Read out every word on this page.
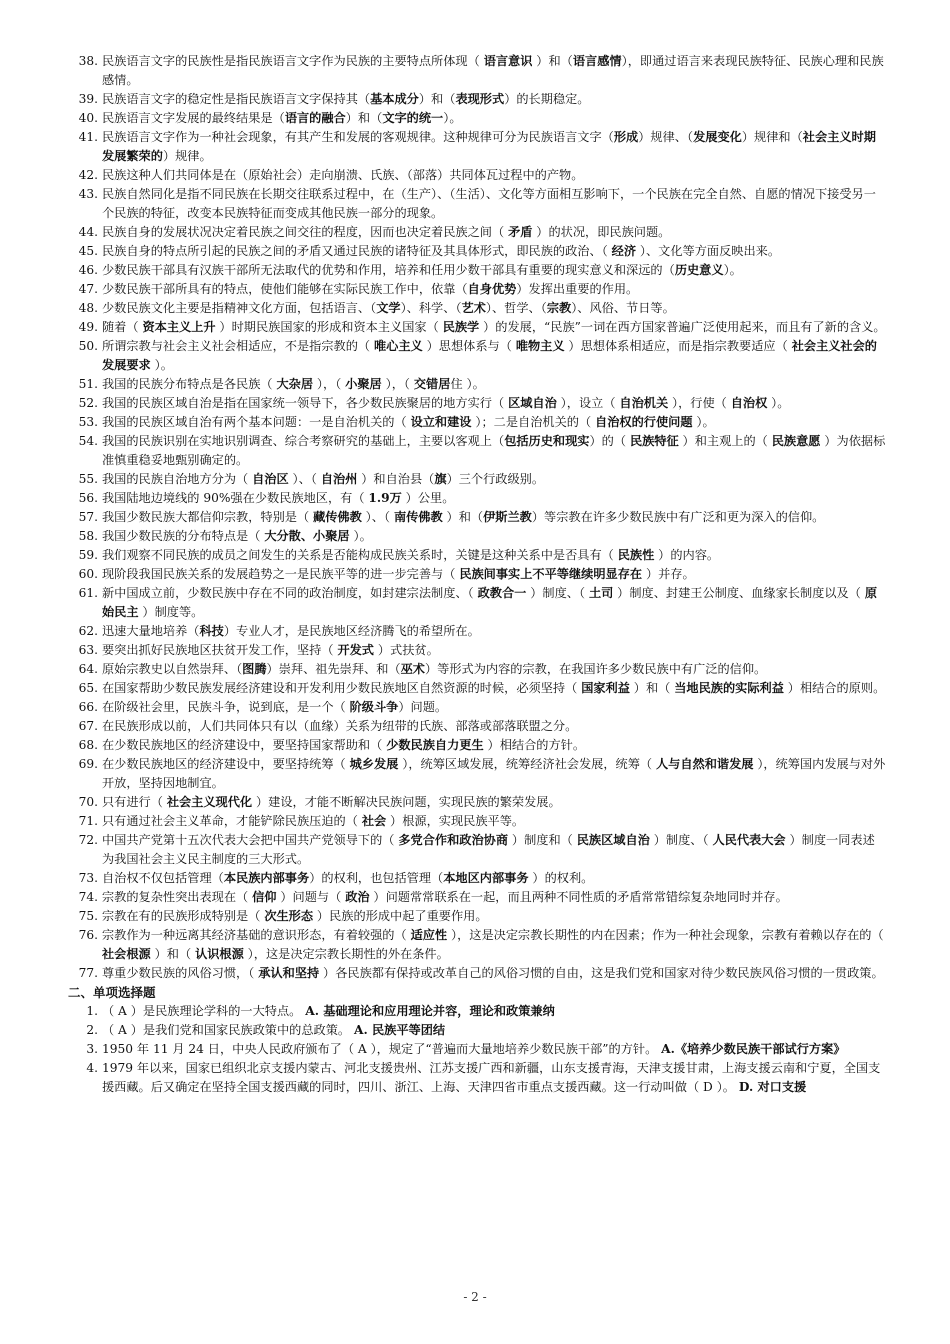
38. 民族语言文字的民族性是指民族语言文字作为民族的主要特点所体现（ 语言意识 ）和（语言感情），即通过语言来表现民族特征、民族心理和民族感情。
39. 民族语言文字的稳定性是指民族语言文字保持其（基本成分）和（表现形式）的长期稳定。
40. 民族语言文字发展的最终结果是（语言的融合）和（文字的统一）。
41. 民族语言文字作为一种社会现象，有其产生和发展的客观规律。这种规律可分为民族语言文字（形成）规律、（发展变化）规律和（社会主义时期发展繁荣的）规律。
42. 民族这种人们共同体是在（原始社会）走向崩溃、氏族、（部落）共同体瓦过程中的产物。
43. 民族自然同化是指不同民族在长期交往联系过程中，在（生产）、（生活）、文化等方面相互影响下，一个民族在完全自然、自愿的情况下接受另一个民族的特征，改变本民族特征而变成其他民族一部分的现象。
44. 民族自身的发展状况决定着民族之间交往的程度，因而也决定着民族之间（ 矛盾 ）的状况，即民族问题。
45. 民族自身的特点所引起的民族之间的矛盾又通过民族的诸特征及其具体形式，即民族的政治、（ 经济 ）、文化等方面反映出来。
46. 少数民族干部具有汉族干部所无法取代的优势和作用，培养和任用少数干部具有重要的现实意义和深远的（历史意义）。
47. 少数民族干部所具有的特点，使他们能够在实际民族工作中，依靠（自身优势）发挥出重要的作用。
48. 少数民族文化主要是指精神文化方面，包括语言、（文学）、科学、（艺术）、哲学、（宗教）、风俗、节日等。
49. 随着（ 资本主义上升 ）时期民族国家的形成和资本主义国家（ 民族学 ）的发展，“民族”一词在西方国家普遍广泛使用起来，而且有了新的含义。
50. 所谓宗教与社会主义社会相适应，不是指宗教的（ 唯心主义 ）思想体系与（ 唯物主义 ）思想体系相适应，而是指宗教要适应（ 社会主义社会的发展要求 ）。
51. 我国的民族分布特点是各民族（ 大杂居 ），（ 小聚居 ），（ 交错居住 ）。
52. 我国的民族区域自治是指在国家统一领导下，各少数民族聚居的地方实行（ 区域自治 ），设立（ 自治机关 ），行使（ 自治权 ）。
53. 我国的民族区域自治有两个基本问题：一是自治机关的（ 设立和建设 ）；二是自治机关的（ 自治权的行使问题 ）。
54. 我国的民族识别在实地识别调查、综合考察研究的基础上，主要以客观上（包括历史和现实）的（ 民族特征 ）和主观上的（ 民族意愿 ）为依据标准慎重稳妥地甄别确定的。
55. 我国的民族自治地方分为（ 自治区 ）、（ 自治州 ）和自治县（旗）三个行政级别。
56. 我国陆地边境线的 90%强在少数民族地区，有（ 1.9万 ）公里。
57. 我国少数民族大都信仰宗教，特别是（ 藏传佛教 ）、（ 南传佛教 ）和（伊斯兰教）等宗教在许多少数民族中有广泛和更为深入的信仰。
58. 我国少数民族的分布特点是（ 大分散、小聚居 ）。
59. 我们观察不同民族的成员之间发生的关系是否能构成民族关系时，关键是这种关系中是否具有（ 民族性 ）的内容。
60. 现阶段我国民族关系的发展趋势之一是民族平等的进一步完善与（ 民族间事实上不平等继续明显存在 ）并存。
61. 新中国成立前，少数民族中存在不同的政治制度，如封建宗法制度、（ 政教合一 ）制度、（ 土司 ）制度、封建王公制度、血缘家长制度以及（ 原始民主 ）制度等。
62. 迅速大量地培养（科技）专业人才，是民族地区经济腾飞的希望所在。
63. 要突出抓好民族地区扶贫开发工作，坚持（ 开发式 ）式扶贫。
64. 原始宗教史以自然崇拜、（图腾）崇拜、祖先崇拜、和（巫术）等形式为内容的宗教，在我国许多少数民族中有广泛的信仰。
65. 在国家帮助少数民族发展经济建设和开发利用少数民族地区自然资源的时候，必须坚持（ 国家利益 ）和（ 当地民族的实际利益 ）相结合的原则。
66. 在阶级社会里，民族斗争，说到底，是一个（ 阶级斗争）问题。
67. 在民族形成以前，人们共同体只有以（血缘）关系为纽带的氏族、部落或部落联盟之分。
68. 在少数民族地区的经济建设中，要坚持国家帮助和（ 少数民族自力更生 ）相结合的方针。
69. 在少数民族地区的经济建设中，要坚持统筹（ 城乡发展 ），统筹区域发展，统筹经济社会发展，统筹（ 人与自然和谐发展 ），统筹国内发展与对外开放，坚持因地制宜。
70. 只有进行（ 社会主义现代化 ）建设，才能不断解决民族问题，实现民族的繁荣发展。
71. 只有通过社会主义革命，才能铲除民族压迫的（ 社会 ）根源，实现民族平等。
72. 中国共产党第十五次代表大会把中国共产党领导下的（ 多党合作和政治协商 ）制度和（ 民族区域自治 ）制度、（ 人民代表大会 ）制度一同表述为我国社会主义民主制度的三大形式。
73. 自治权不仅包括管理（本民族内部事务）的权利，也包括管理（本地区内部事务 ）的权利。
74. 宗教的复杂性突出表现在（ 信仰 ）问题与（ 政治 ）问题常常联系在一起，而且两种不同性质的矛盾常常错综复杂地同时并存。
75. 宗教在有的民族形成特别是（ 次生形态 ）民族的形成中起了重要作用。
76. 宗教作为一种远离其经济基础的意识形态，有着较强的（ 适应性 ），这是决定宗教长期性的内在因素；作为一种社会现象，宗教有着赖以存在的（ 社会根源 ）和（ 认识根源 ），这是决定宗教长期性的外在条件。
77. 尊重少数民族的风俗习惯，（ 承认和坚持 ）各民族都有保持或改革自己的风俗习惯的自由，这是我们党和国家对待少数民族风俗习惯的一贯政策。
二、单项选择题
1. （ A ）是民族理论学科的一大特点。 A. 基础理论和应用理论并容，理论和政策兼纳
2. （ A ）是我们党和国家民族政策中的总政策。 A. 民族平等团结
3. 1950 年 11 月 24 日，中央人民政府颁布了（ A ），规定了“普遍而大量地培养少数民族干部”的方针。 A.《培养少数民族干部试行方案》
4. 1979 年以来，国家已组织北京支援内蒙古、河北支援贵州、江苏支援广西和新疆，山东支援青海，天津支援甘肃，上海支援云南和宁夏，全国支援西藏。后又确定在坚持全国支援西藏的同时，四川、浙江、上海、天津四省市重点支援西藏。这一行动叫做（ D ）。 D. 对口支援
- 2 -
